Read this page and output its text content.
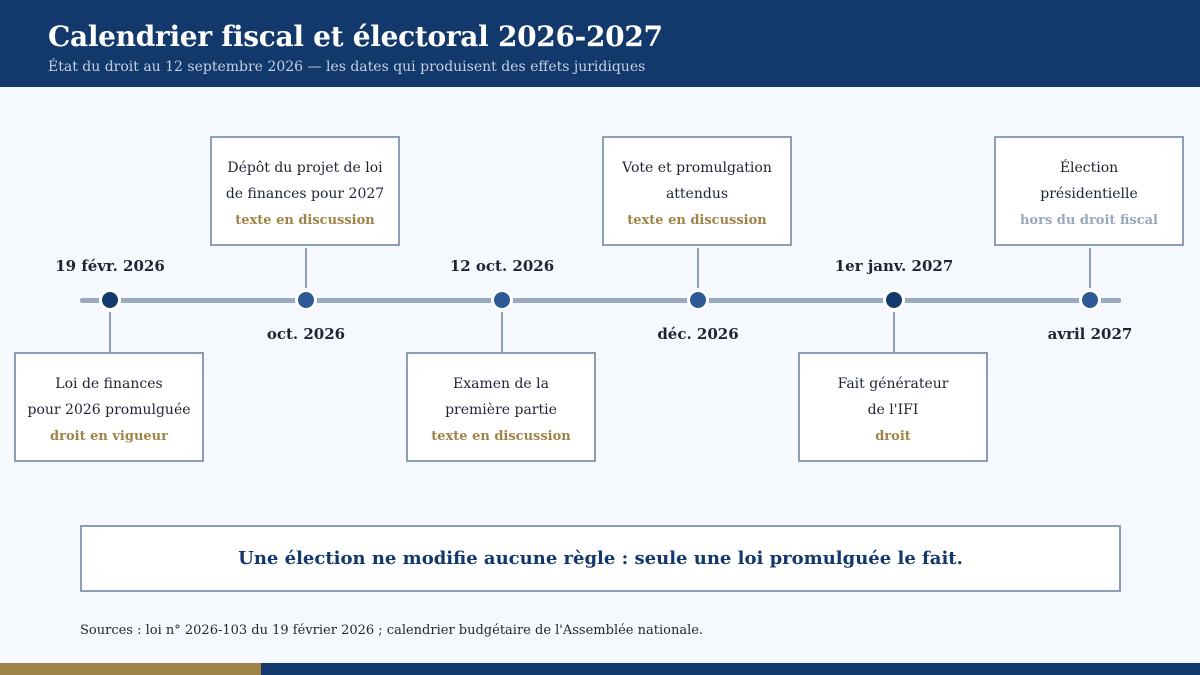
Calendrier fiscal et électoral 2026-2027

État du droit au 12 septembre 2026 — les dates qui produisent des effets juridiques

19 févr. 2026
Loi de finances
pour 2026 promulguée
droit en vigueur
Dépôt du projet de loi
de finances pour 2027
texte en discussion
oct. 2026
12 oct. 2026
Examen de la
première partie
texte en discussion
Vote et promulgation
attendus
texte en discussion
déc. 2026
1er janv. 2027
Fait générateur
de l'IFI
droit
Élection
présidentielle
hors du droit fiscal
avril 2027
Une élection ne modifie aucune règle : seule une loi promulguée le fait.
Sources : loi n° 2026-103 du 19 février 2026 ; calendrier budgétaire de l'Assemblée nationale.
